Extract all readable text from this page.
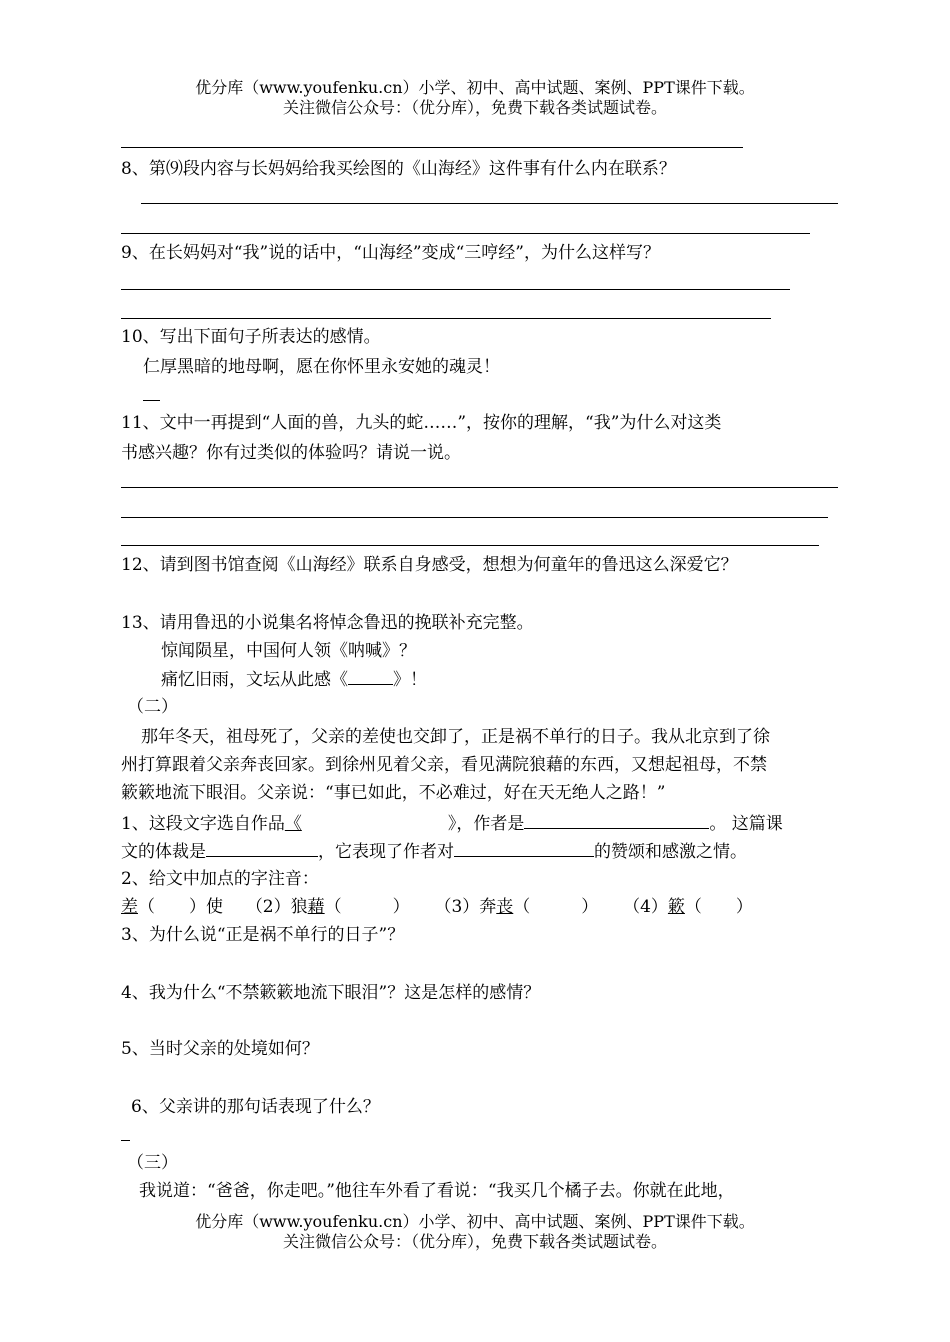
优分库（www.youfenku.cn）小学、初中、高中试题、案例、PPT课件下载。
关注微信公众号：（优分库），免费下载各类试题试卷。
8、第⑼段内容与长妈妈给我买绘图的《山海经》这件事有什么内在联系？
9、在长妈妈对“我”说的话中，“山海经”变成“三哼经”，为什么这样写？
10、写出下面句子所表达的感情。
仁厚黑暗的地母啊，愿在你怀里永安她的魂灵！
11、文中一再提到“人面的兽，九头的蛇……”，按你的理解，“我”为什么对这类
书感兴趣？你有过类似的体验吗？请说一说。
12、请到图书馆查阅《山海经》联系自身感受，想想为何童年的鲁迅这么深爱它？
13、请用鲁迅的小说集名将悼念鲁迅的挽联补充完整。
惊闻陨星，中国何人领《呐喊》？
痛忆旧雨，文坛从此感《	》！
（二）
那年冬天，祖母死了，父亲的差使也交卸了，正是祸不单行的日子。我从北京到了徐
州打算跟着父亲奔丧回家。到徐州见着父亲，看见满院狼藉的东西，又想起祖母，不禁
簌簌地流下眼泪。父亲说：“事已如此，不必难过，好在天无绝人之路！”
1、这段文字选自作品《	》，作者是	。 这篇课
文的体裁是	，它表现了作者对	的赞颂和感激之情。
2、给文中加点的字注音：
差（　　）使 （2）狼藉（　　　） （3）奔丧（　　　） （4）簌（　　）
3、为什么说“正是祸不单行的日子”？
4、我为什么“不禁簌簌地流下眼泪”？这是怎样的感情？
5、当时父亲的处境如何？
6、父亲讲的那句话表现了什么？
（三）
我说道：“爸爸，你走吧。”他往车外看了看说：“我买几个橘子去。你就在此地，
优分库（www.youfenku.cn）小学、初中、高中试题、案例、PPT课件下载。
关注微信公众号：（优分库），免费下载各类试题试卷。
